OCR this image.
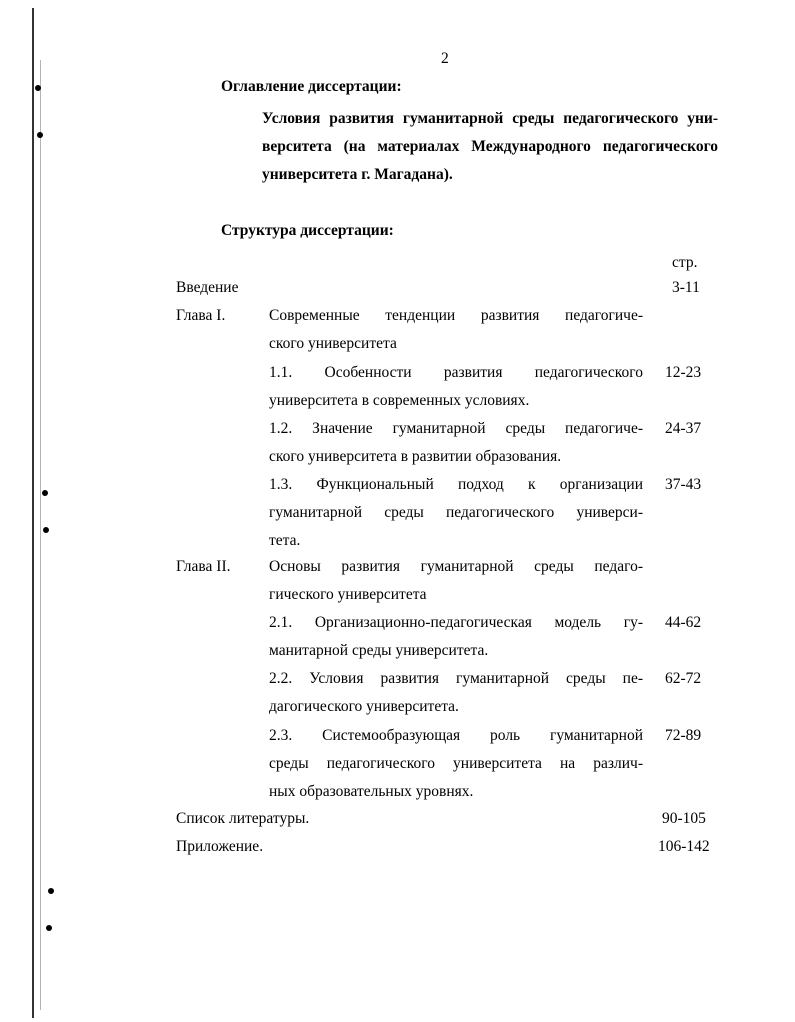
2
Оглавление диссертации:
Условия развития гуманитарной среды педагогического уни-
верситета (на материалах Международного педагогического
университета г. Магадана).
Структура диссертации:
стр.
Введение	3-11
Глава I.	Современные тенденции развития педагогиче-
ского университета
1.1. Особенности развития педагогического
университета в современных условиях.
12-23
1.2. Значение гуманитарной среды педагогиче-
ского университета в развитии образования.
24-37
1.3. Функциональный подход к организации
гуманитарной среды педагогического универси-
тета.
37-43
Глава II. Основы развития гуманитарной среды педаго-
гического университета
2.1. Организационно-педагогическая модель гу-
манитарной среды университета.
44-62
2.2. Условия развития гуманитарной среды пе-
дагогического университета.
62-72
2.3. Системообразующая роль гуманитарной
среды педагогического университета на различ-
ных образовательных уровнях.
72-89
Список литературы.	90-105
Приложение.	106-142
